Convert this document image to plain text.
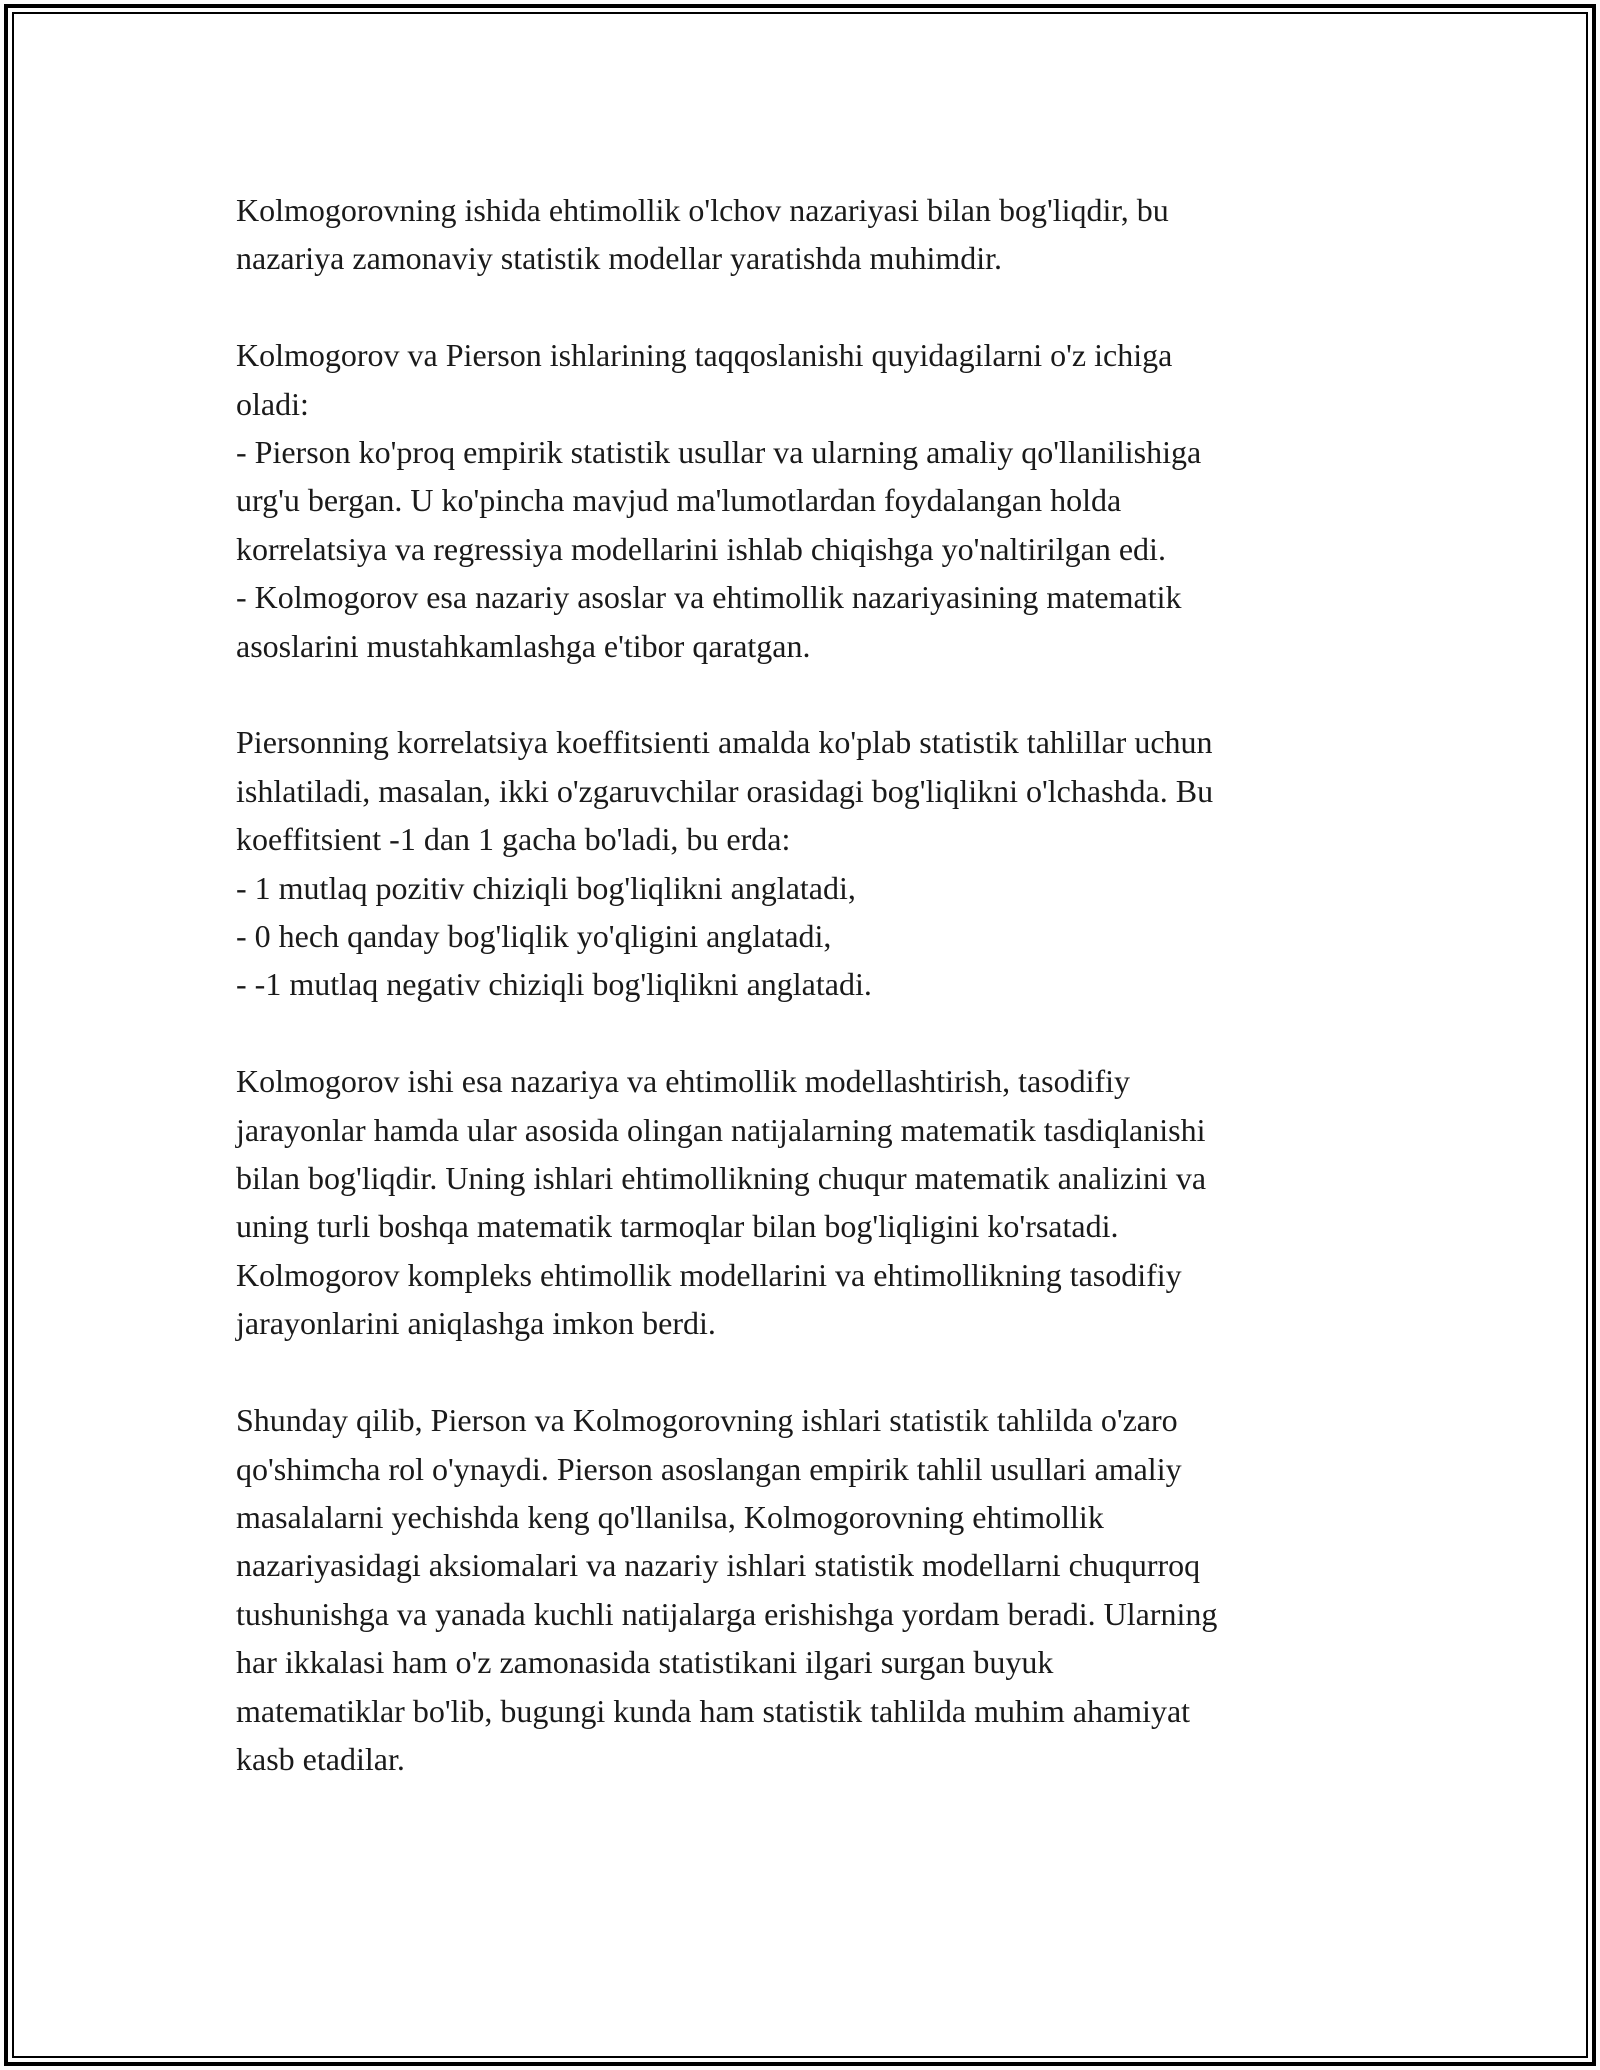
Kolmogorovning ishida ehtimollik o'lchov nazariyasi bilan bog'liqdir, bu
nazariya zamonaviy statistik modellar yaratishda muhimdir.

Kolmogorov va Pierson ishlarining taqqoslanishi quyidagilarni o'z ichiga
oladi:
- Pierson ko'proq empirik statistik usullar va ularning amaliy qo'llanilishiga
urg'u bergan. U ko'pincha mavjud ma'lumotlardan foydalangan holda
korrelatsiya va regressiya modellarini ishlab chiqishga yo'naltirilgan edi.
- Kolmogorov esa nazariy asoslar va ehtimollik nazariyasining matematik
asoslarini mustahkamlashga e'tibor qaratgan.

Piersonning korrelatsiya koeffitsienti amalda ko'plab statistik tahlillar uchun
ishlatiladi, masalan, ikki o'zgaruvchilar orasidagi bog'liqlikni o'lchashda. Bu
koeffitsient -1 dan 1 gacha bo'ladi, bu erda:
- 1 mutlaq pozitiv chiziqli bog'liqlikni anglatadi,
- 0 hech qanday bog'liqlik yo'qligini anglatadi,
- -1 mutlaq negativ chiziqli bog'liqlikni anglatadi.

Kolmogorov ishi esa nazariya va ehtimollik modellashtirish, tasodifiy
jarayonlar hamda ular asosida olingan natijalarning matematik tasdiqlanishi
bilan bog'liqdir. Uning ishlari ehtimollikning chuqur matematik analizini va
uning turli boshqa matematik tarmoqlar bilan bog'liqligini ko'rsatadi.
Kolmogorov kompleks ehtimollik modellarini va ehtimollikning tasodifiy
jarayonlarini aniqlashga imkon berdi.

Shunday qilib, Pierson va Kolmogorovning ishlari statistik tahlilda o'zaro
qo'shimcha rol o'ynaydi. Pierson asoslangan empirik tahlil usullari amaliy
masalalarni yechishda keng qo'llanilsa, Kolmogorovning ehtimollik
nazariyasidagi aksiomalari va nazariy ishlari statistik modellarni chuqurroq
tushunishga va yanada kuchli natijalarga erishishga yordam beradi. Ularning
har ikkalasi ham o'z zamonasida statistikani ilgari surgan buyuk
matematiklar bo'lib, bugungi kunda ham statistik tahlilda muhim ahamiyat
kasb etadilar.
